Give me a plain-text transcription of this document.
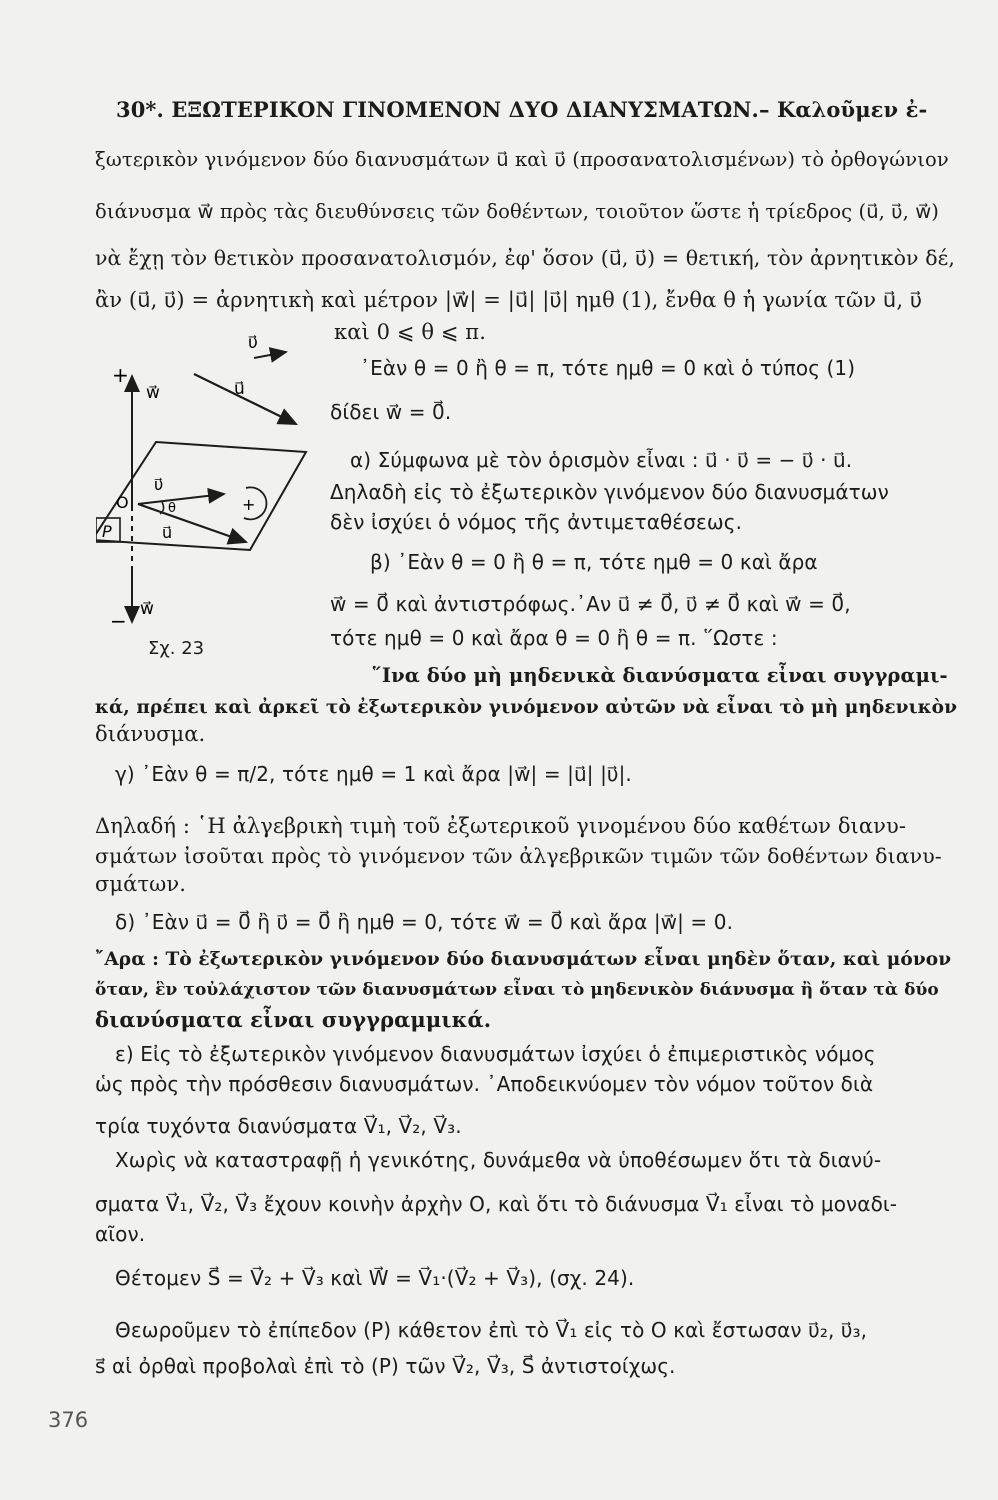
30*. ΕΞΩΤΕΡΙΚΟΝ ΓΙΝΟΜΕΝΟΝ ΔΥΟ ΔΙΑΝΥΣΜΑΤΩΝ.– Καλοῦμεν ἐ-
ξωτερικὸν γινόμενον δύο διανυσμάτων u⃗ καὶ υ⃗ (προσανατολισμένων) τὸ ὀρθογώνιον
διάνυσμα w⃗ πρὸς τὰς διευθύνσεις τῶν δοθέντων, τοιοῦτον ὥστε ἡ τρίεδρος (u⃗, υ⃗, w⃗)
νὰ ἔχῃ τὸν θετικὸν προσανατολισμόν, ἐφ' ὅσον (u⃗, υ⃗) = θετική, τὸν ἀρνητικὸν δέ,
ἂν (u⃗, υ⃗) = ἀρνητικὴ καὶ μέτρον |w⃗| = |u⃗| |υ⃗| ημθ (1), ἔνθα θ ἡ γωνία τῶν u⃗, υ⃗
καὶ 0 ⩽ θ ⩽ π.
᾽Εὰν θ = 0 ἢ θ = π, τότε ημθ = 0 καὶ ὁ τύπος (1)
δίδει w⃗ = 0⃗.
α) Σύμφωνα μὲ τὸν ὁρισμὸν εἶναι : u⃗ · υ⃗ = − υ⃗ · u⃗.
Δηλαδὴ εἰς τὸ ἐξωτερικὸν γινόμενον δύο διανυσμάτων
δὲν ἰσχύει ὁ νόμος τῆς ἀντιμεταθέσεως.
β) ᾽Εὰν θ = 0 ἢ θ = π, τότε ημθ = 0 καὶ ἄρα
w⃗ = 0⃗ καὶ ἀντιστρόφως.᾽Αν u⃗ ≠ 0⃗, υ⃗ ≠ 0⃗ καὶ w⃗ = 0⃗,
τότε ημθ = 0 καὶ ἄρα θ = 0 ἢ θ = π. ῞Ωστε :
῞Ινα δύο μὴ μηδενικὰ διανύσματα εἶναι συγγραμι-
+
−
w⃗
w⃗
υ⃗
u⃗
O
υ⃗
θ
u⃗
P
+
Σχ. 23
κά, πρέπει καὶ ἀρκεῖ τὸ ἐξωτερικὸν γινόμενον αὐτῶν νὰ εἶναι τὸ μὴ μηδενικὸν
διάνυσμα.
γ) ᾽Εὰν θ = π/2, τότε ημθ = 1 καὶ ἄρα |w⃗| = |u⃗| |υ⃗|.
Δηλαδή : ῾Η ἀλγεβρικὴ τιμὴ τοῦ ἐξωτερικοῦ γινομένου δύο καθέτων διανυ-
σμάτων ἰσοῦται πρὸς τὸ γινόμενον τῶν ἀλγεβρικῶν τιμῶν τῶν δοθέντων διανυ-
σμάτων.
δ) ᾽Εὰν u⃗ = 0⃗ ἢ υ⃗ = 0⃗ ἢ ημθ = 0, τότε w⃗ = 0⃗ καὶ ἄρα |w⃗| = 0.
῎Αρα : Τὸ ἐξωτερικὸν γινόμενον δύο διανυσμάτων εἶναι μηδὲν ὅταν, καὶ μόνον
ὅταν, ἓν τοὐλάχιστον τῶν διανυσμάτων εἶναι τὸ μηδενικὸν διάνυσμα ἢ ὅταν τὰ δύο
διανύσματα εἶναι συγγραμμικά.
ε) Εἰς τὸ ἐξωτερικὸν γινόμενον διανυσμάτων ἰσχύει ὁ ἐπιμεριστικὸς νόμος
ὡς πρὸς τὴν πρόσθεσιν διανυσμάτων. ᾽Αποδεικνύομεν τὸν νόμον τοῦτον διὰ
τρία τυχόντα διανύσματα V⃗₁, V⃗₂, V⃗₃.
Χωρὶς νὰ καταστραφῇ ἡ γενικότης, δυνάμεθα νὰ ὑποθέσωμεν ὅτι τὰ διανύ-
σματα V⃗₁, V⃗₂, V⃗₃ ἔχουν κοινὴν ἀρχὴν Ο, καὶ ὅτι τὸ διάνυσμα V⃗₁ εἶναι τὸ μοναδι-
αῖον.
Θέτομεν S⃗ = V⃗₂ + V⃗₃ καὶ W⃗ = V⃗₁·(V⃗₂ + V⃗₃), (σχ. 24).
Θεωροῦμεν τὸ ἐπίπεδον (P) κάθετον ἐπὶ τὸ V⃗₁ εἰς τὸ Ο καὶ ἔστωσαν υ⃗₂, υ⃗₃,
s⃗ αἱ ὀρθαὶ προβολαὶ ἐπὶ τὸ (P) τῶν V⃗₂, V⃗₃, S⃗ ἀντιστοίχως.
376
